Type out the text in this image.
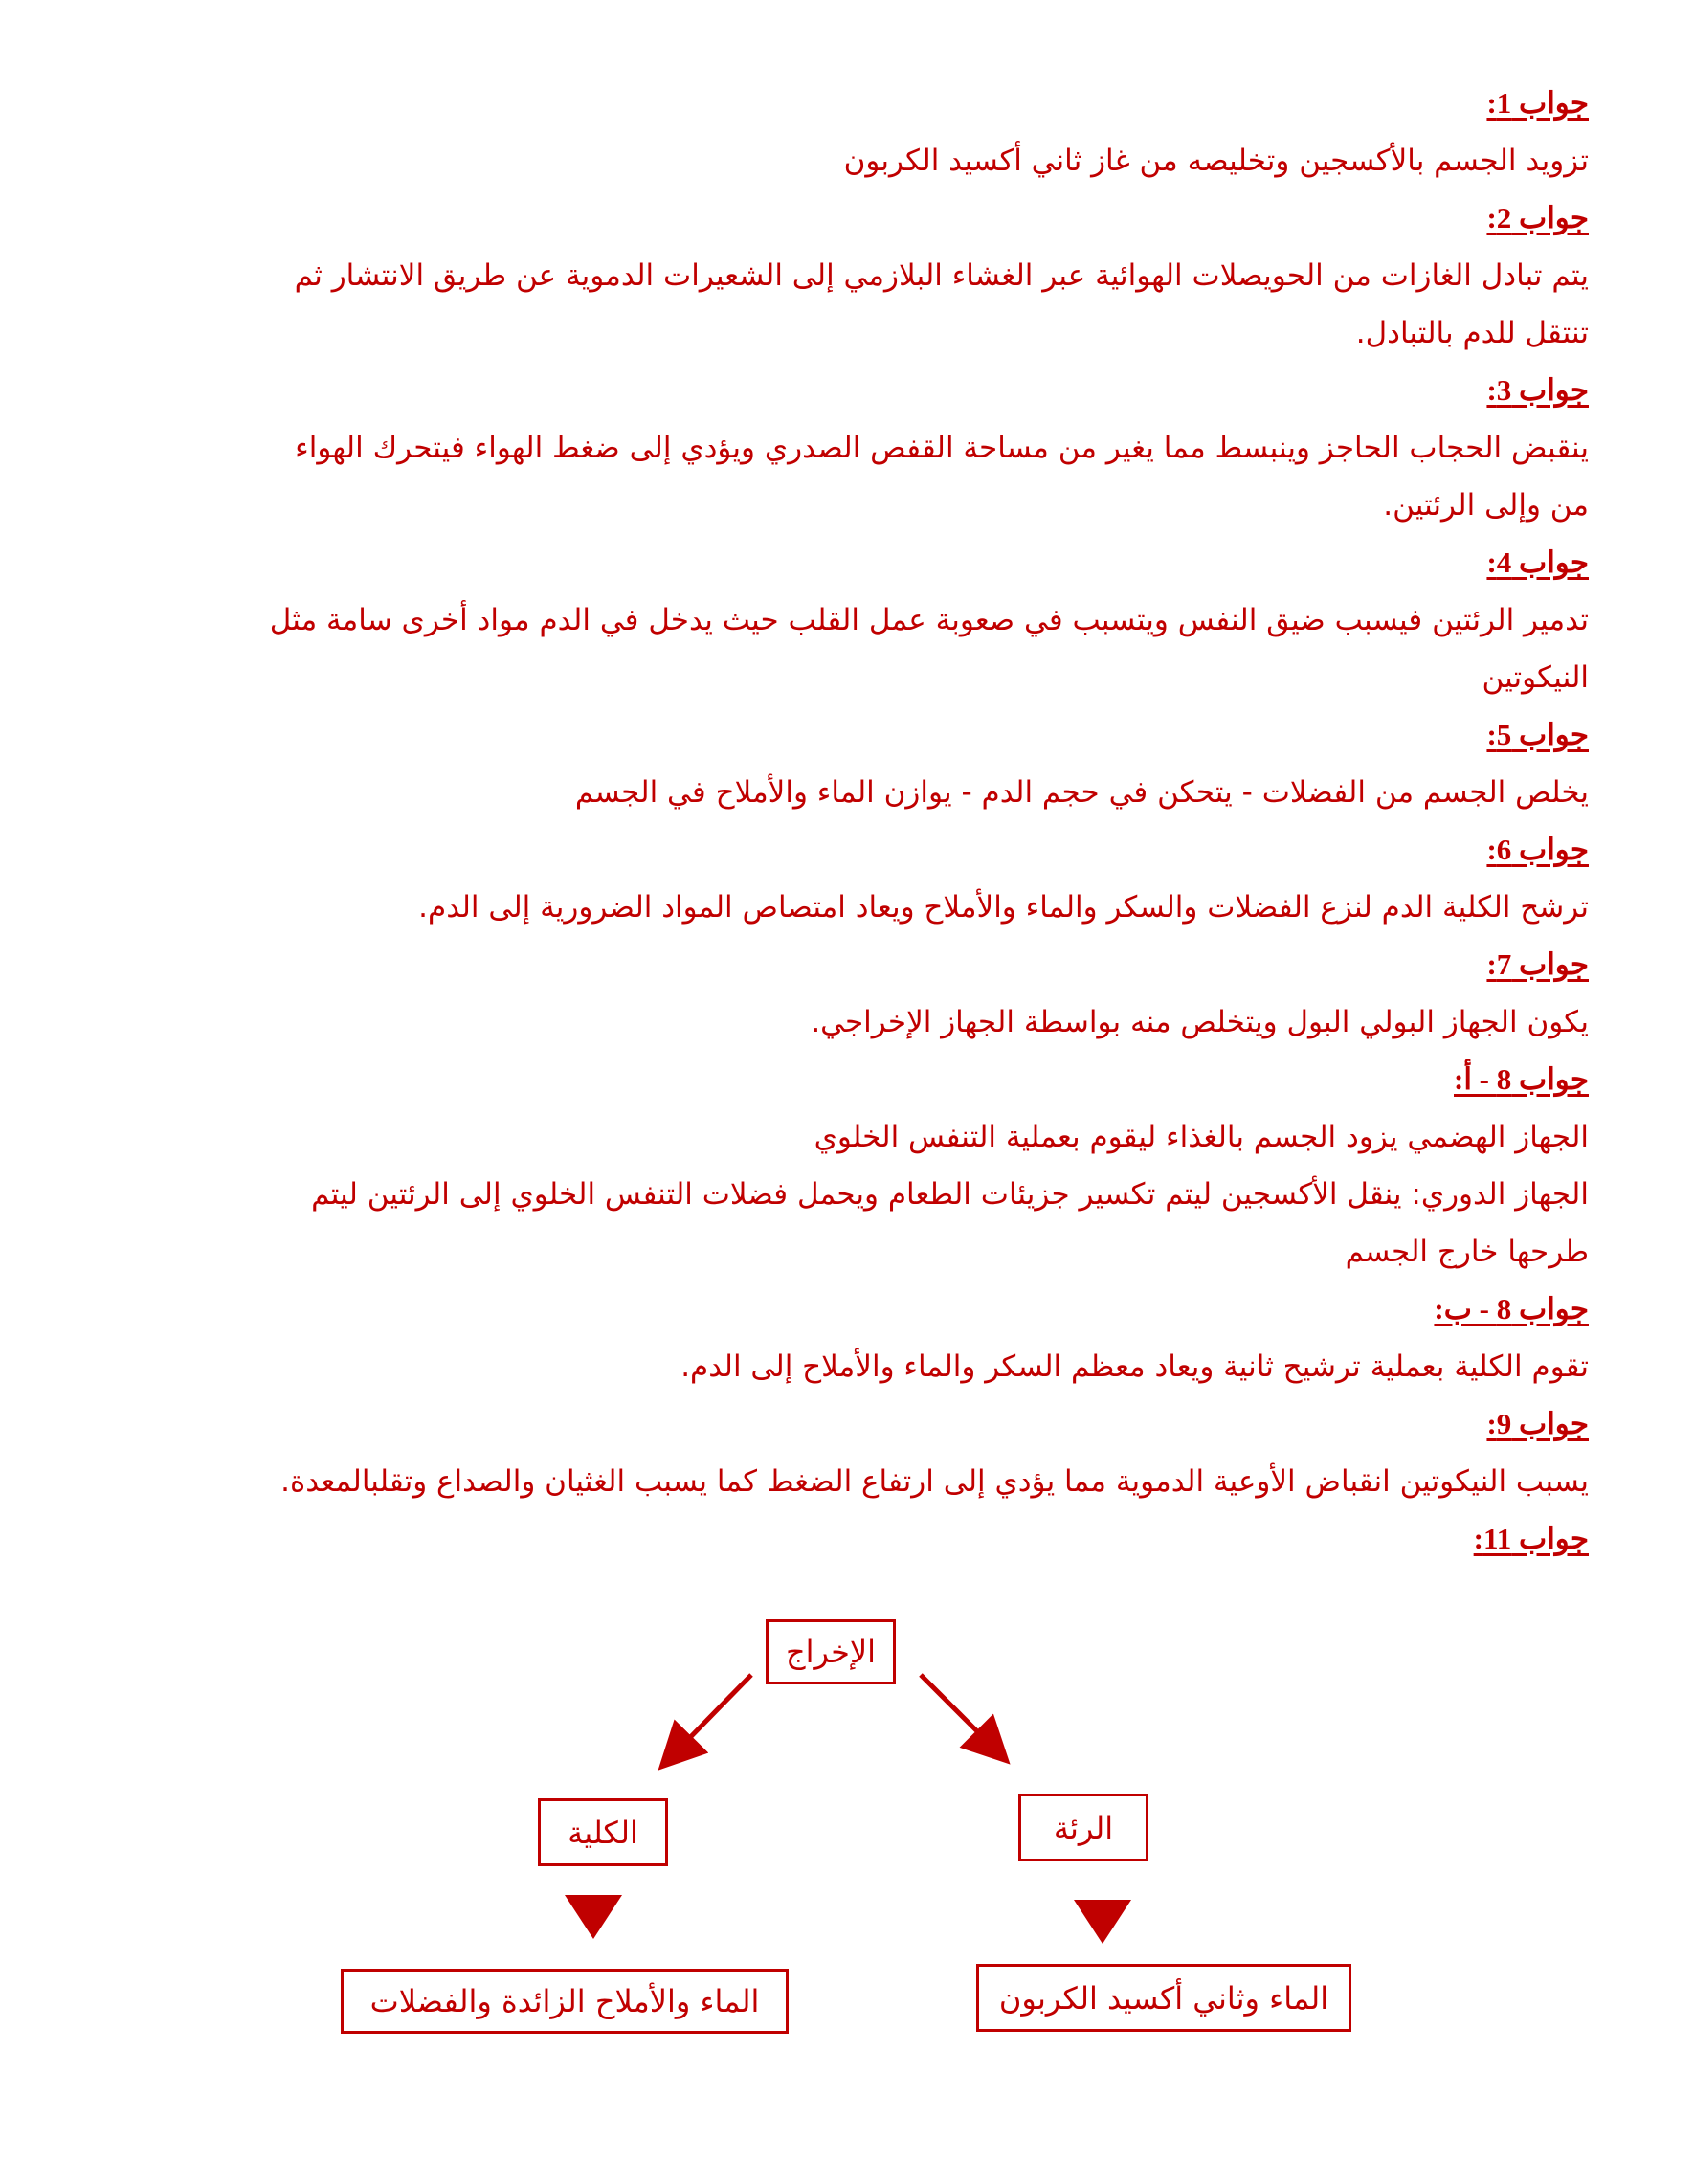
جواب 1:
تزويد الجسم بالأكسجين وتخليصه من غاز ثاني أكسيد الكربون
جواب 2:
يتم تبادل الغازات من الحويصلات الهوائية عبر الغشاء البلازمي إلى الشعيرات الدموية عن طريق الانتشار ثم
تنتقل للدم بالتبادل.
جواب 3:
ينقبض الحجاب الحاجز وينبسط مما يغير من مساحة القفص الصدري ويؤدي إلى ضغط الهواء فيتحرك الهواء
من وإلى الرئتين.
جواب 4:
تدمير الرئتين فيسبب ضيق النفس ويتسبب في صعوبة عمل القلب حيث يدخل في الدم مواد أخرى سامة مثل
النيكوتين
جواب 5:
يخلص الجسم من الفضلات - يتحكن في حجم الدم - يوازن الماء والأملاح في الجسم
جواب 6:
ترشح الكلية الدم لنزع الفضلات والسكر والماء والأملاح ويعاد امتصاص المواد الضرورية إلى الدم.
جواب 7:
يكون الجهاز البولي البول ويتخلص منه بواسطة الجهاز الإخراجي.
جواب 8 - أ:
الجهاز الهضمي يزود الجسم بالغذاء ليقوم بعملية التنفس الخلوي
الجهاز الدوري: ينقل الأكسجين ليتم تكسير جزيئات الطعام ويحمل فضلات التنفس الخلوي إلى الرئتين ليتم
طرحها خارج الجسم
جواب 8 - ب:
تقوم الكلية بعملية ترشيح ثانية ويعاد معظم السكر والماء والأملاح إلى الدم.
جواب 9:
يسبب النيكوتين انقباض الأوعية الدموية مما يؤدي إلى ارتفاع الضغط كما يسبب الغثيان والصداع وتقلبالمعدة.
جواب 11:
الإخراج
الكلية	الرئة
الماء والأملاح الزائدة والفضلات	الماء وثاني أكسيد الكربون
